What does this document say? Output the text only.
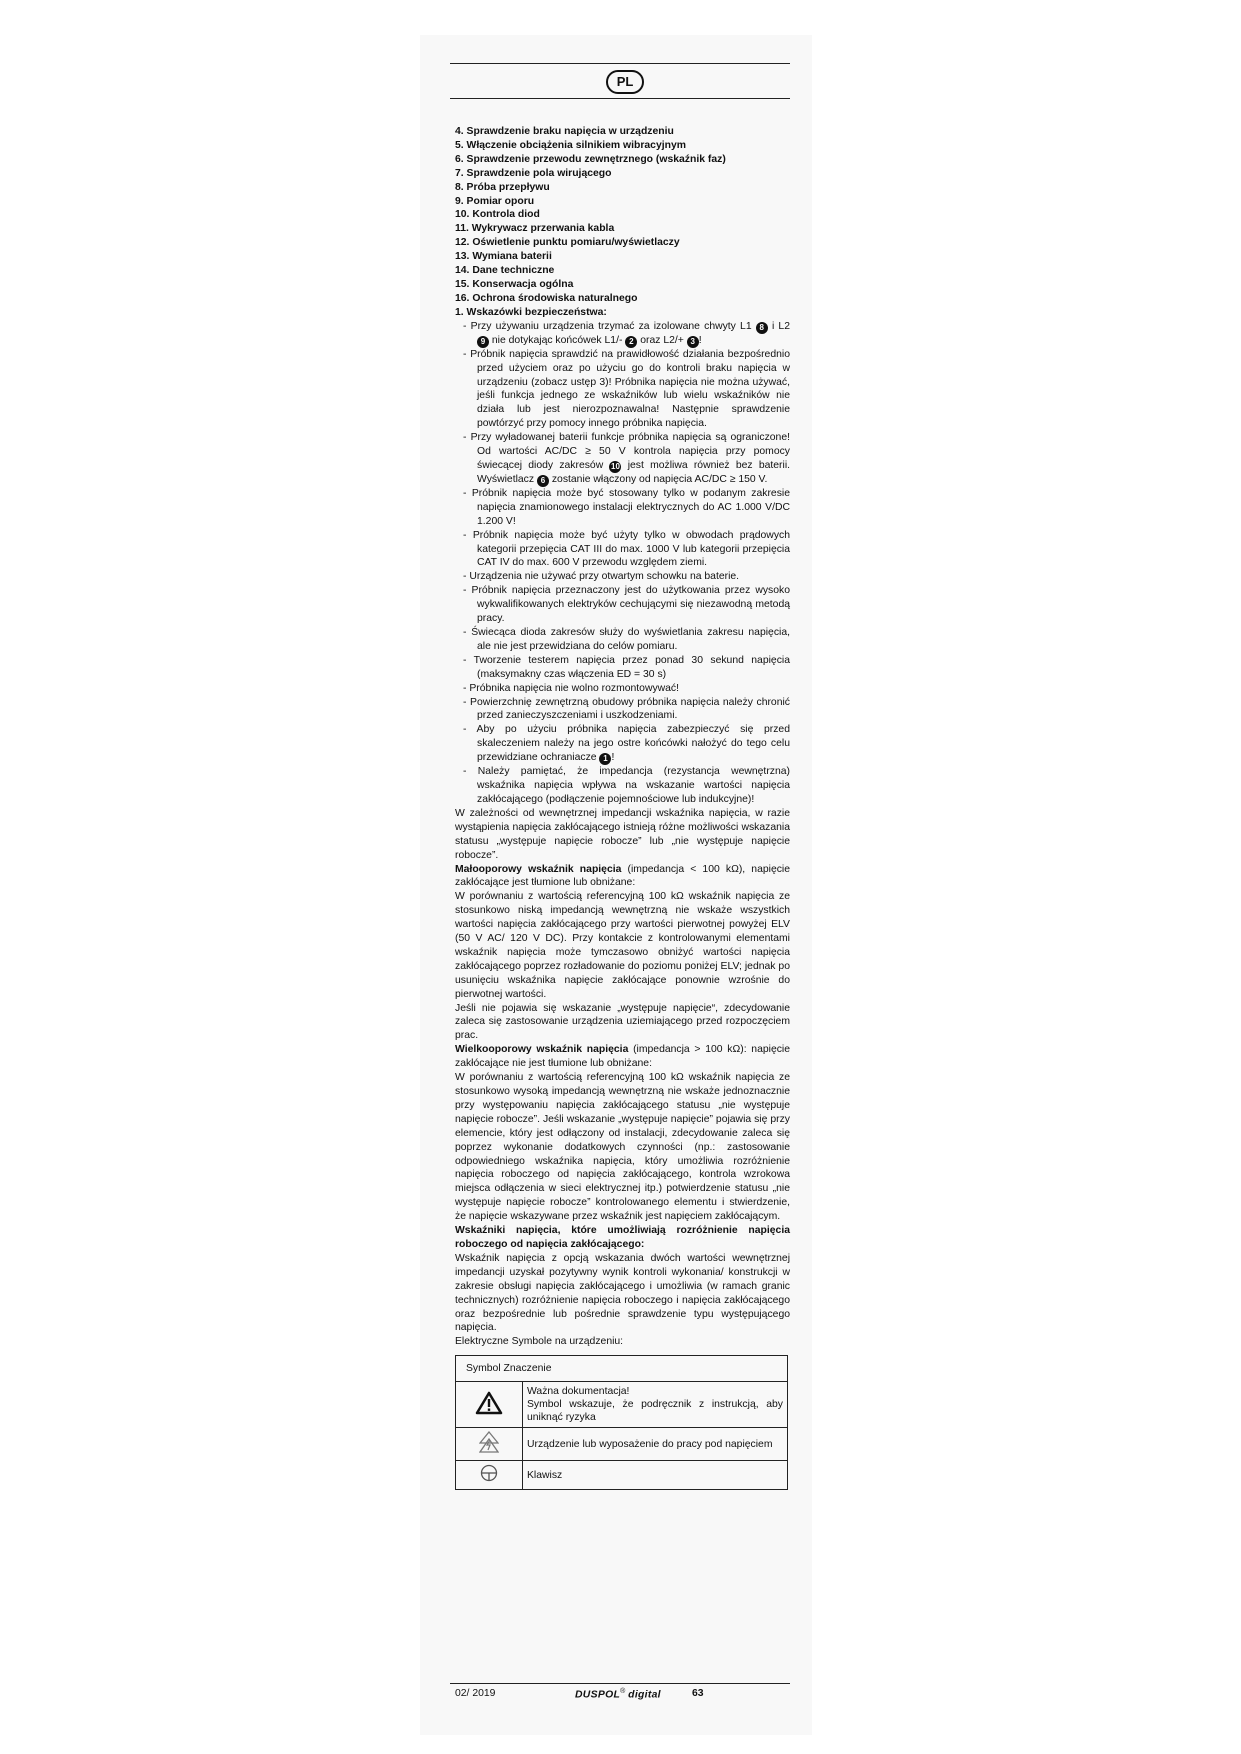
PL
4. Sprawdzenie braku napięcia w urządzeniu
5. Włączenie obciążenia silnikiem wibracyjnym
6. Sprawdzenie przewodu zewnętrznego (wskaźnik faz)
7. Sprawdzenie pola wirującego
8. Próba przepływu
9. Pomiar oporu
10. Kontrola diod
11. Wykrywacz przerwania kabla
12. Oświetlenie punktu pomiaru/wyświetlaczy
13. Wymiana baterii
14. Dane techniczne
15. Konserwacja ogólna
16. Ochrona środowiska naturalnego

1. Wskazówki bezpieczeństwa:

- Przy używaniu urządzenia trzymać za izolowane chwyty L1 8 i L2 9 nie dotykając końcówek L1/- 2 oraz L2/+ 3 !

- Próbnik napięcia sprawdzić na prawidłowość działania bezpośrednio przed użyciem oraz po użyciu go do kontroli braku napięcia w urządzeniu (zobacz ustęp 3)! Próbnika napięcia nie można używać, jeśli funkcja jednego ze wskaźników lub wielu wskaźników nie działa lub jest nierozpoznawalna! Następnie sprawdzenie powtórzyć przy pomocy innego próbnika napięcia.

- Przy wyładowanej baterii funkcje próbnika napięcia są ograniczone! Od wartości AC/DC ≥ 50 V kontrola napięcia przy pomocy świecącej diody zakresów 10 jest możliwa również bez baterii. Wyświetlacz 6 zostanie włączony od napięcia AC/DC ≥ 150 V.

- Próbnik napięcia może być stosowany tylko w podanym zakresie napięcia znamionowego instalacji elektrycznych do AC 1.000 V/DC 1.200 V!

- Próbnik napięcia może być użyty tylko w obwodach prądowych kategorii przepięcia CAT III do max. 1000 V lub kategorii przepięcia CAT IV do max. 600 V przewodu względem ziemi.

- Urządzenia nie używać przy otwartym schowku na baterie.

- Próbnik napięcia przeznaczony jest do użytkowania przez wysoko wykwalifikowanych elektryków cechującymi się niezawodną metodą pracy.

- Świecąca dioda zakresów służy do wyświetlania zakresu napięcia, ale nie jest przewidziana do celów pomiaru.

- Tworzenie testerem napięcia przez ponad 30 sekund napięcia (maksymakny czas włączenia ED = 30 s)

- Próbnika napięcia nie wolno rozmontowywać!

- Powierzchnię zewnętrzną obudowy próbnika napięcia należy chronić przed zanieczyszczeniami i uszkodzeniami.

- Aby po użyciu próbnika napięcia zabezpieczyć się przed skaleczeniem należy na jego ostre końcówki nałożyć do tego celu przewidziane ochraniacze 1 !

- Należy pamiętać, że impedancja (rezystancja wewnętrzna) wskaźnika napięcia wpływa na wskazanie wartości napięcia zakłócającego (podłączenie pojemnościowe lub indukcyjne)!

W zależności od wewnętrznej impedancji wskaźnika napięcia, w razie wystąpienia napięcia zakłócającego istnieją różne możliwości wskazania statusu „występuje napięcie robocze” lub „nie występuje napięcie robocze”.

Małooporowy wskaźnik napięcia (impedancja < 100 kΩ), napięcie zakłócające jest tłumione lub obniżane:

W porównaniu z wartością referencyjną 100 kΩ wskaźnik napięcia ze stosunkowo niską impedancją wewnętrzną nie wskaże wszystkich wartości napięcia zakłócającego przy wartości pierwotnej powyżej ELV (50 V AC/ 120 V DC). Przy kontakcie z kontrolowanymi elementami wskaźnik napięcia może tymczasowo obniżyć wartości napięcia zakłócającego poprzez rozładowanie do poziomu poniżej ELV; jednak po usunięciu wskaźnika napięcie zakłócające ponownie wzrośnie do pierwotnej wartości.

Jeśli nie pojawia się wskazanie „występuje napięcie“, zdecydowanie zaleca się zastosowanie urządzenia uziemiającego przed rozpoczęciem prac.

Wielkooporowy wskaźnik napięcia (impedancja > 100 kΩ): napięcie zakłócające nie jest tłumione lub obniżane:

W porównaniu z wartością referencyjną 100 kΩ wskaźnik napięcia ze stosunkowo wysoką impedancją wewnętrzną nie wskaże jednoznacznie przy występowaniu napięcia zakłócającego statusu „nie występuje napięcie robocze”. Jeśli wskazanie „występuje napięcie” pojawia się przy elemencie, który jest odłączony od instalacji, zdecydowanie zaleca się poprzez wykonanie dodatkowych czynności (np.: zastosowanie odpowiedniego wskaźnika napięcia, który umożliwia rozróżnienie napięcia roboczego od napięcia zakłócającego, kontrola wzrokowa miejsca odłączenia w sieci elektrycznej itp.) potwierdzenie statusu „nie występuje napięcie robocze” kontrolowanego elementu i stwierdzenie, że napięcie wskazywane przez wskaźnik jest napięciem zakłócającym.

Wskaźniki napięcia, które umożliwiają rozróżnienie napięcia roboczego od napięcia zakłócającego:

Wskaźnik napięcia z opcją wskazania dwóch wartości wewnętrznej impedancji uzyskał pozytywny wynik kontroli wykonania/ konstrukcji w zakresie obsługi napięcia zakłócającego i umożliwia (w ramach granic technicznych) rozróżnienie napięcia roboczego i napięcia zakłócającego oraz bezpośrednie lub pośrednie sprawdzenie typu występującego napięcia.

Elektryczne Symbole na urządzeniu:

Symbol Znaczenie	

Ważna dokumentacja!
Symbol wskazuje, że podręcznik z instrukcją, aby uniknąć ryzyka

	Urządzenie lub wyposażenie do pracy pod napięciem
	Klawisz
02/ 2019	DUSPOL® digital	63
